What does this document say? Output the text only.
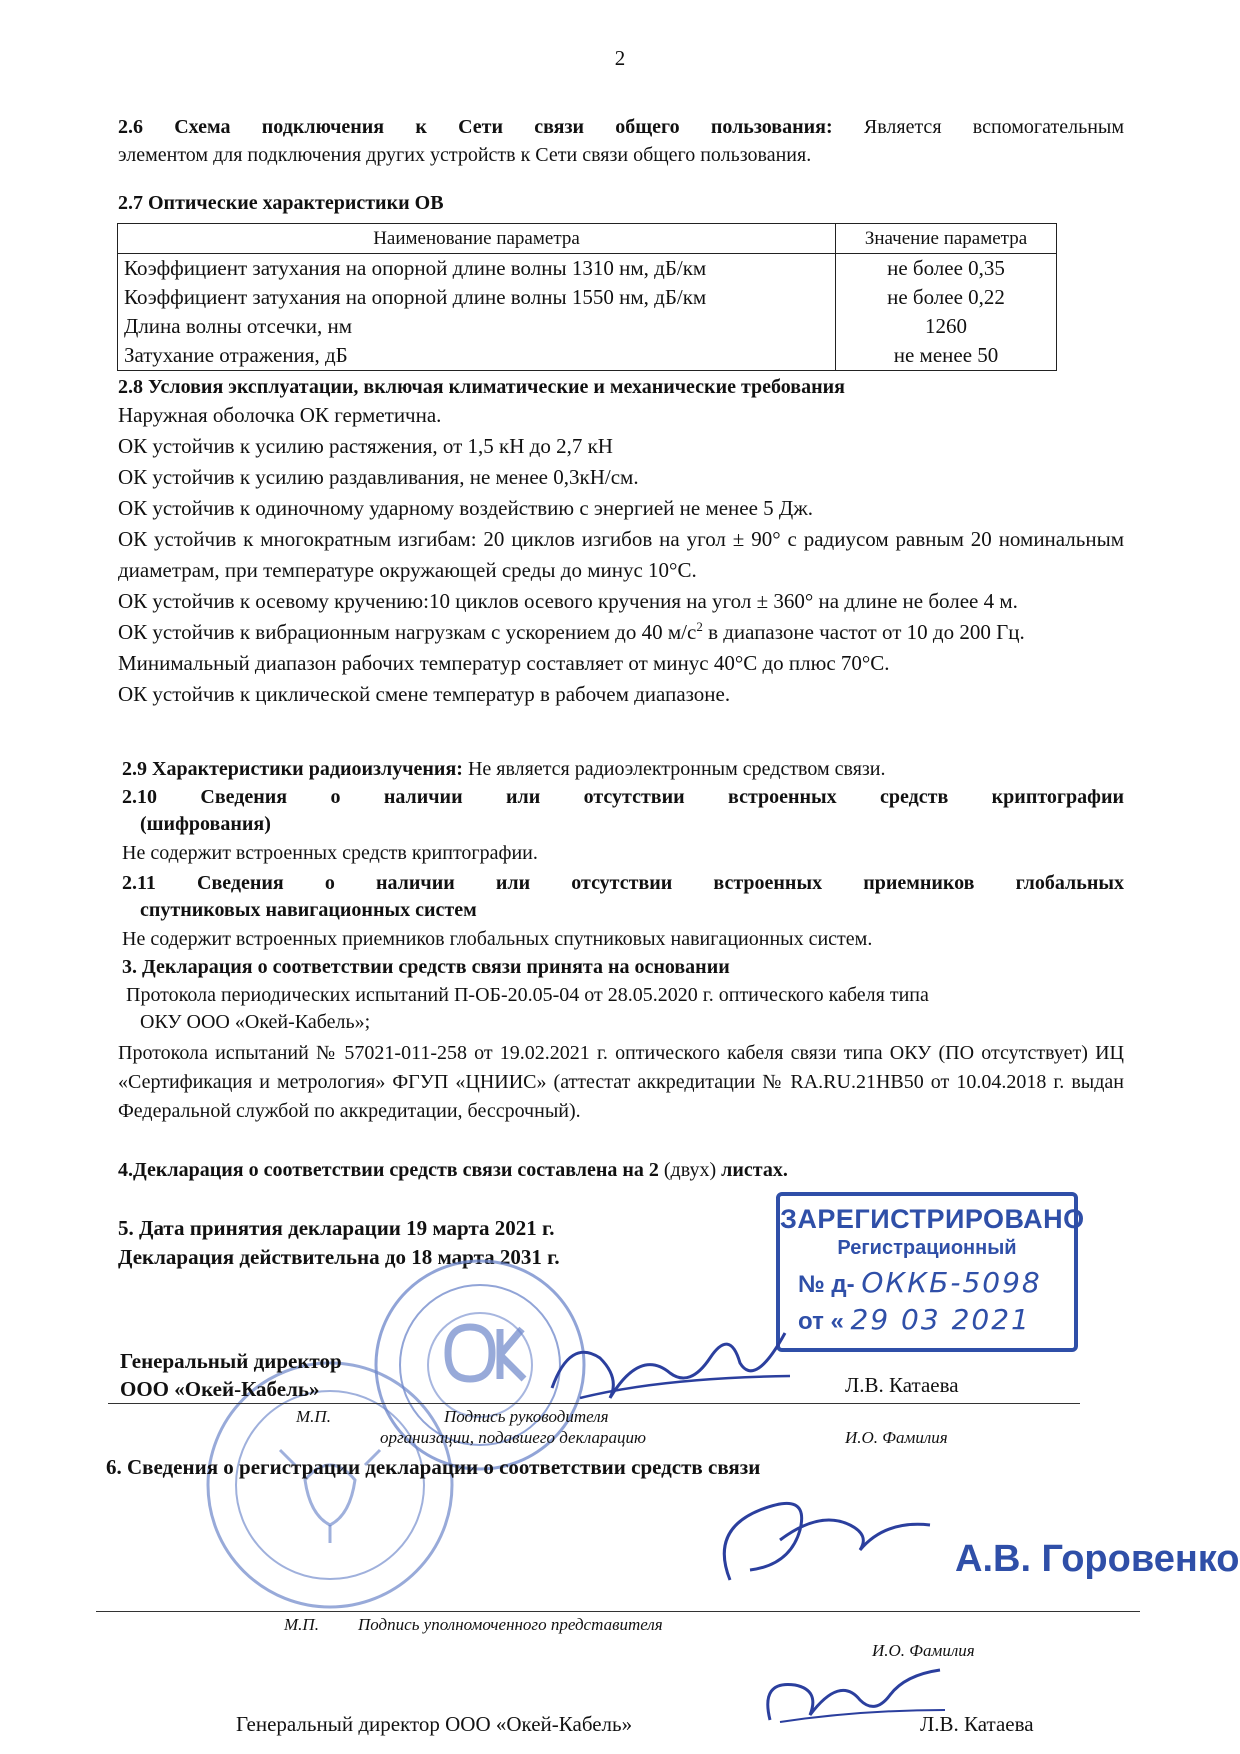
2
2.6 Схема подключения к Сети связи общего пользования: Является вспомогательным
элементом для подключения других устройств к Сети связи общего пользования.
2.7 Оптические характеристики ОВ
Наименование параметра	Значение параметра
Коэффициент затухания на опорной длине волны 1310 нм, дБ/км	не более 0,35
Коэффициент затухания на опорной длине волны 1550 нм, дБ/км	не более 0,22
Длина волны отсечки, нм	1260
Затухание отражения, дБ	не менее 50
2.8 Условия эксплуатации, включая климатические и механические требования
Наружная оболочка ОК герметична.
ОК устойчив к усилию растяжения, от 1,5 кН до 2,7 кН
ОК устойчив к усилию раздавливания, не менее 0,3кН/см.
ОК устойчив к одиночному ударному воздействию с энергией не менее 5 Дж.
ОК устойчив к многократным изгибам: 20 циклов изгибов на угол ± 90° с радиусом равным 20 номинальным диаметрам, при температуре окружающей среды до минус 10°С.
ОК устойчив к осевому кручению:10 циклов осевого кручения на угол ± 360° на длине не более 4 м.
ОК устойчив к вибрационным нагрузкам с ускорением до 40 $м/с^2$ в диапазоне частот от 10 до 200 Гц.
Минимальный диапазон рабочих температур составляет от минус 40°С до плюс 70°С.
ОК устойчив к циклической смене температур в рабочем диапазоне.
2.9 Характеристики радиоизлучения: Не является радиоэлектронным средством связи.
2.10 Сведения о наличии или отсутствии встроенных средств криптографии
(шифрования)
Не содержит встроенных средств криптографии.
2.11 Сведения о наличии или отсутствии встроенных приемников глобальных
спутниковых навигационных систем
Не содержит встроенных приемников глобальных спутниковых навигационных систем.
3. Декларация о соответствии средств связи принята на основании
Протокола периодических испытаний П-ОБ-20.05-04 от 28.05.2020 г. оптического кабеля типа
ОКУ ООО «Окей-Кабель»;
Протокола испытаний № 57021-011-258 от 19.02.2021 г. оптического кабеля связи типа ОКУ (ПО отсутствует) ИЦ «Сертификация и метрология» ФГУП «ЦНИИС» (аттестат аккредитации № RA.RU.21НВ50 от 10.04.2018 г. выдан Федеральной службой по аккредитации, бессрочный).
4.Декларация о соответствии средств связи составлена на 2 (двух) листах.
5. Дата принятия декларации 19 марта 2021 г.
Декларация действительна до 18 марта 2031 г.
ЗАРЕГИСТРИРОВАНО
Регистрационный
№ д- ОККБ-5098
от « 29 03 2021
Генеральный директор
ООО «Окей-Кабель»	Л.В. Катаева
М.П.	Подпись руководителя
организации, подавшего декларацию	И.О. Фамилия
6. Сведения о регистрации декларации о соответствии средств связи
А.В. Горовенко
М.П. Подпись уполномоченного представителя
И.О. Фамилия
Генеральный директор ООО «Окей-Кабель»	Л.В. Катаева
